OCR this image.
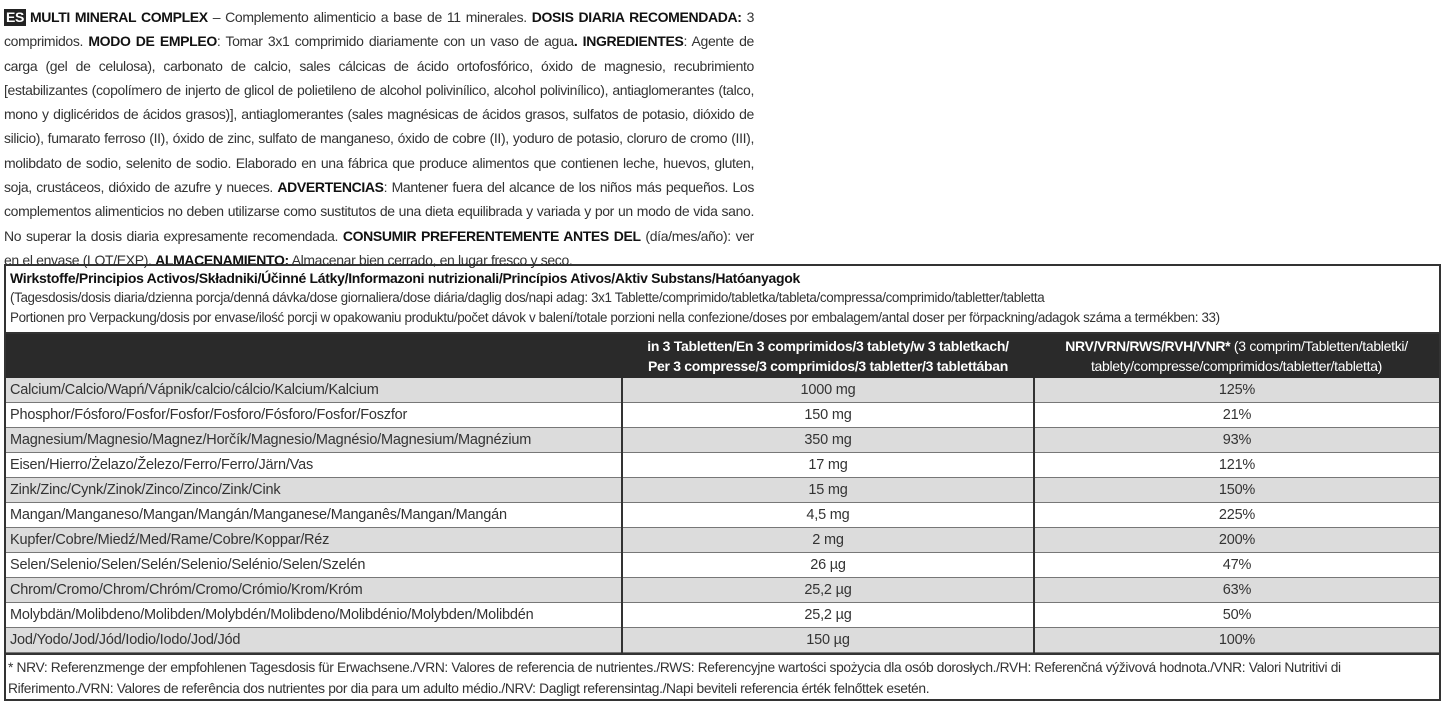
ES MULTI MINERAL COMPLEX – Complemento alimenticio a base de 11 minerales. DOSIS DIARIA RECOMENDADA: 3 comprimidos. MODO DE EMPLEO: Tomar 3x1 comprimido diariamente con un vaso de agua. INGREDIENTES: Agente de carga (gel de celulosa), carbonato de calcio, sales cálcicas de ácido ortofosfórico, óxido de magnesio, recubrimiento [estabilizantes (copolímero de injerto de glicol de polietileno de alcohol polivinílico, alcohol polivinílico), antiaglomerantes (talco, mono y diglicéridos de ácidos grasos)], antiaglomerantes (sales magnésicas de ácidos grasos, sulfatos de potasio, dióxido de silicio), fumarato ferroso (II), óxido de zinc, sulfato de manganeso, óxido de cobre (II), yoduro de potasio, cloruro de cromo (III), molibdato de sodio, selenito de sodio. Elaborado en una fábrica que produce alimentos que contienen leche, huevos, gluten, soja, crustáceos, dióxido de azufre y nueces. ADVERTENCIAS: Mantener fuera del alcance de los niños más pequeños. Los complementos alimenticios no deben utilizarse como sustitutos de una dieta equilibrada y variada y por un modo de vida sano. No superar la dosis diaria expresamente recomendada. CONSUMIR PREFERENTEMENTE ANTES DEL (día/mes/año): ver en el envase (LOT/EXP). ALMACENAMIENTO: Almacenar bien cerrado, en lugar fresco y seco.
Wirkstoffe/Principios Activos/Składniki/Účinné Látky/Informazoni nutrizionali/Princípios Ativos/Aktiv Substans/Hatóanyagok
(Tagesdosis/dosis diaria/dzienna porcja/denná dávka/dose giornaliera/dose diária/daglig dos/napi adag: 3x1 Tablette/comprimido/tabletka/tableta/compressa/comprimido/tabletter/tabletta
Portionen pro Verpackung/dosis por envase/ilość porcji w opakowaniu produktu/počet dávok v balení/totale porzioni nella confezione/doses por embalagem/antal doser per förpackning/adagok száma a termékben: 33)
	in 3 Tabletten/En 3 comprimidos/3 tablety/w 3 tabletkach/
Per 3 compresse/3 comprimidos/3 tabletter/3 tablettában	NRV/VRN/RWS/RVH/VNR* (3 comprim/Tabletten/tabletki/
tablety/compresse/comprimidos/tabletter/tabletta)
Calcium/Calcio/Wapń/Vápnik/calcio/cálcio/Kalcium/Kalcium	1000 mg	125%
Phosphor/Fósforo/Fosfor/Fosfor/Fosforo/Fósforo/Fosfor/Foszfor	150 mg	21%
Magnesium/Magnesio/Magnez/Horčík/Magnesio/Magnésio/Magnesium/Magnézium	350 mg	93%
Eisen/Hierro/Żelazo/Železo/Ferro/Ferro/Järn/Vas	17 mg	121%
Zink/Zinc/Cynk/Zinok/Zinco/Zinco/Zink/Cink	15 mg	150%
Mangan/Manganeso/Mangan/Mangán/Manganese/Manganês/Mangan/Mangán	4,5 mg	225%
Kupfer/Cobre/Miedź/Med/Rame/Cobre/Koppar/Réz	2 mg	200%
Selen/Selenio/Selen/Selén/Selenio/Selénio/Selen/Szelén	26 µg	47%
Chrom/Cromo/Chrom/Chróm/Cromo/Crómio/Krom/Króm	25,2 µg	63%
Molybdän/Molibdeno/Molibden/Molybdén/Molibdeno/Molibdénio/Molybden/Molibdén	25,2 µg	50%
Jod/Yodo/Jod/Jód/Iodio/Iodo/Jod/Jód	150 µg	100%
* NRV: Referenzmenge der empfohlenen Tagesdosis für Erwachsene./VRN: Valores de referencia de nutrientes./RWS: Referencyjne wartości spożycia dla osób dorosłych./RVH: Referenčná výživová hodnota./VNR: Valori Nutritivi di Riferimento./VRN: Valores de referência dos nutrientes por dia para um adulto médio./NRV: Dagligt referensintag./Napi beviteli referencia érték felnőttek esetén.
